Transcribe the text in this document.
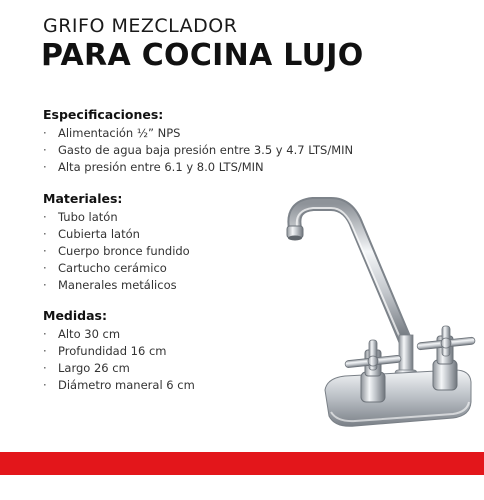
GRIFO MEZCLADOR
PARA COCINA LUJO
Especificaciones:
· Alimentación ½” NPS
· Gasto de agua baja presión entre 3.5 y 4.7 LTS/MIN
· Alta presión entre 6.1 y 8.0 LTS/MIN
Materiales:
· Tubo latón
· Cubierta latón
· Cuerpo bronce fundido
· Cartucho cerámico
· Manerales metálicos
Medidas:
· Alto 30 cm
· Profundidad 16 cm
· Largo 26 cm
· Diámetro maneral 6 cm
